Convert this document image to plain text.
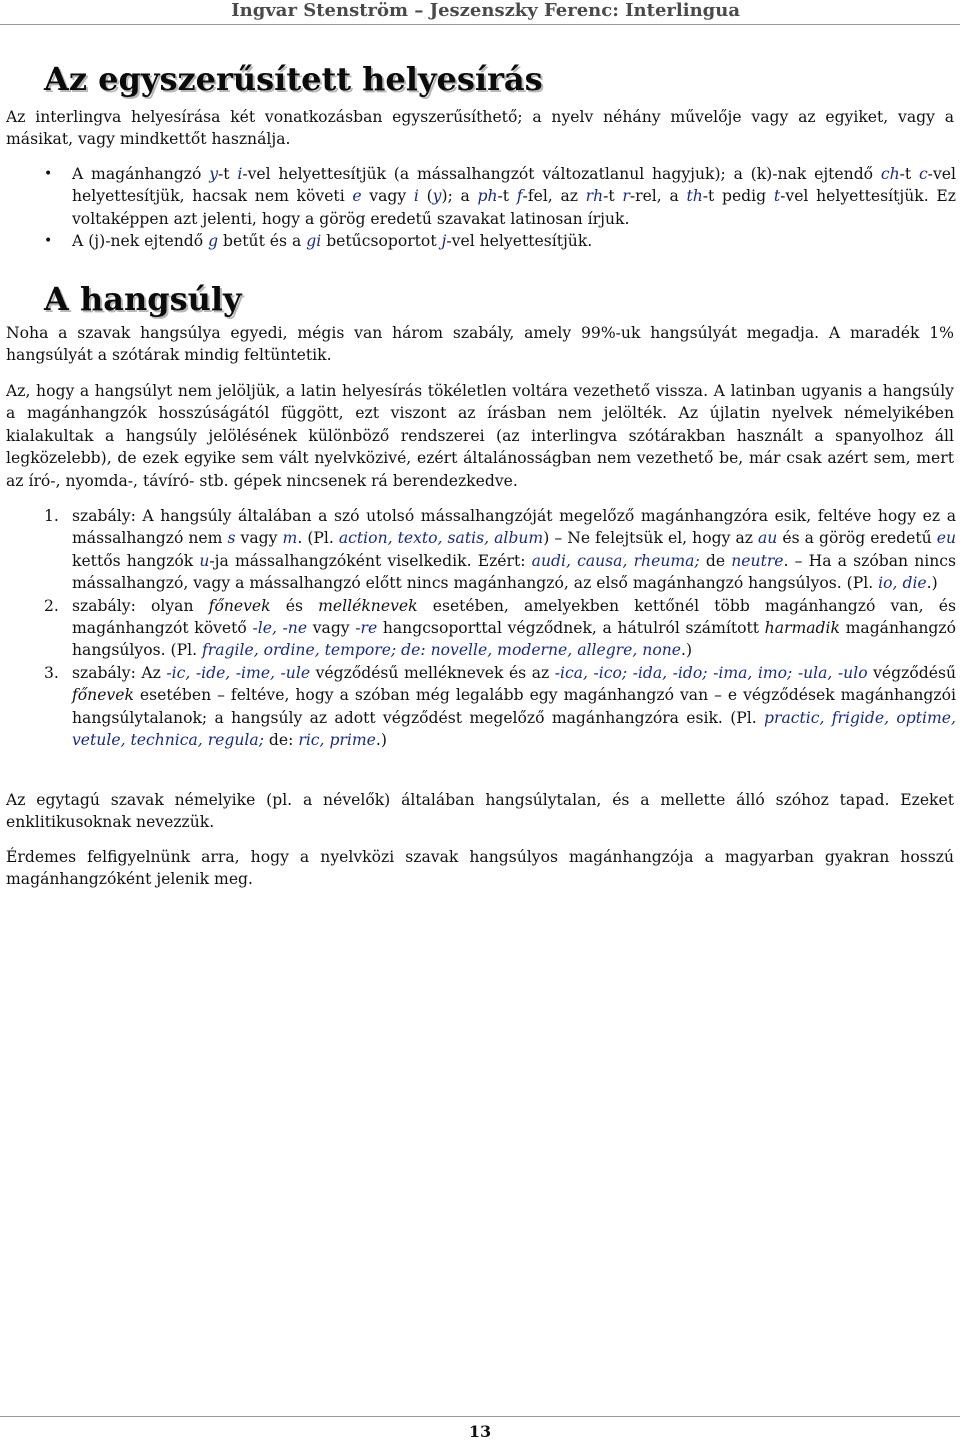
Ingvar Stenström – Jeszenszky Ferenc: Interlingua
Az egyszerűsített helyesírás

Az interlingva helyesírása két vonatkozásban egyszerűsíthető; a nyelv néhány művelője vagy az egyiket, vagy a másikat, vagy mindkettőt használja.

• A magánhangzó y-t i-vel helyettesítjük (a mássalhangzót változatlanul hagyjuk); a (k)-nak ejtendő ch-t c-vel helyettesítjük, hacsak nem követi e vagy i (y); a ph-t f-fel, az rh-t r-rel, a th-t pedig t-vel helyettesítjük. Ez voltaképpen azt jelenti, hogy a görög eredetű szavakat latinosan írjuk.
• A (j)-nek ejtendő g betűt és a gi betűcsoportot j-vel helyettesítjük.
A hangsúly

Noha a szavak hangsúlya egyedi, mégis van három szabály, amely 99%-uk hangsúlyát megadja. A maradék 1% hangsúlyát a szótárak mindig feltüntetik.

Az, hogy a hangsúlyt nem jelöljük, a latin helyesírás tökéletlen voltára vezethető vissza. A latinban ugyanis a hangsúly a magánhangzók hosszúságától függött, ezt viszont az írásban nem jelölték. Az újlatin nyelvek némelyikében kialakultak a hangsúly jelölésének különböző rendszerei (az interlingva szótárakban használt a spanyolhoz áll legközelebb), de ezek egyike sem vált nyelvközivé, ezért általánosságban nem vezethető be, már csak azért sem, mert az író-, nyomda-, távíró- stb. gépek nincsenek rá berendezkedve.

1. szabály: A hangsúly általában a szó utolsó mássalhangzóját megelőző magánhangzóra esik, feltéve hogy ez a mássalhangzó nem s vagy m. (Pl. action, texto, satis, album) – Ne felejtsük el, hogy az au és a görög eredetű eu kettős hangzók u-ja mássalhangzóként viselkedik. Ezért: audi, causa, rheuma; de neutre. – Ha a szóban nincs mássalhangzó, vagy a mássalhangzó előtt nincs magánhangzó, az első magánhangzó hangsúlyos. (Pl. io, die.)
2. szabály: olyan főnevek és melléknevek esetében, amelyekben kettőnél több magánhangzó van, és magánhangzót követő -le, -ne vagy -re hangcsoporttal végződnek, a hátulról számított harmadik magánhangzó hangsúlyos. (Pl. fragile, ordine, tempore; de: novelle, moderne, allegre, none.)
3. szabály: Az -ic, -ide, -ime, -ule végződésű melléknevek és az -ica, -ico; -ida, -ido; -ima, imo; -ula, -ulo végződésű főnevek esetében – feltéve, hogy a szóban még legalább egy magánhangzó van – e végződések magánhangzói hangsúlytalanok; a hangsúly az adott végződést megelőző magánhangzóra esik. (Pl. practic, frigide, optime, vetule, technica, regula; de: ric, prime.)

Az egytagú szavak némelyike (pl. a névelők) általában hangsúlytalan, és a mellette álló szóhoz tapad. Ezeket enklitikusoknak nevezzük.

Érdemes felfigyelnünk arra, hogy a nyelvközi szavak hangsúlyos magánhangzója a magyarban gyakran hosszú magánhangzóként jelenik meg.

13
